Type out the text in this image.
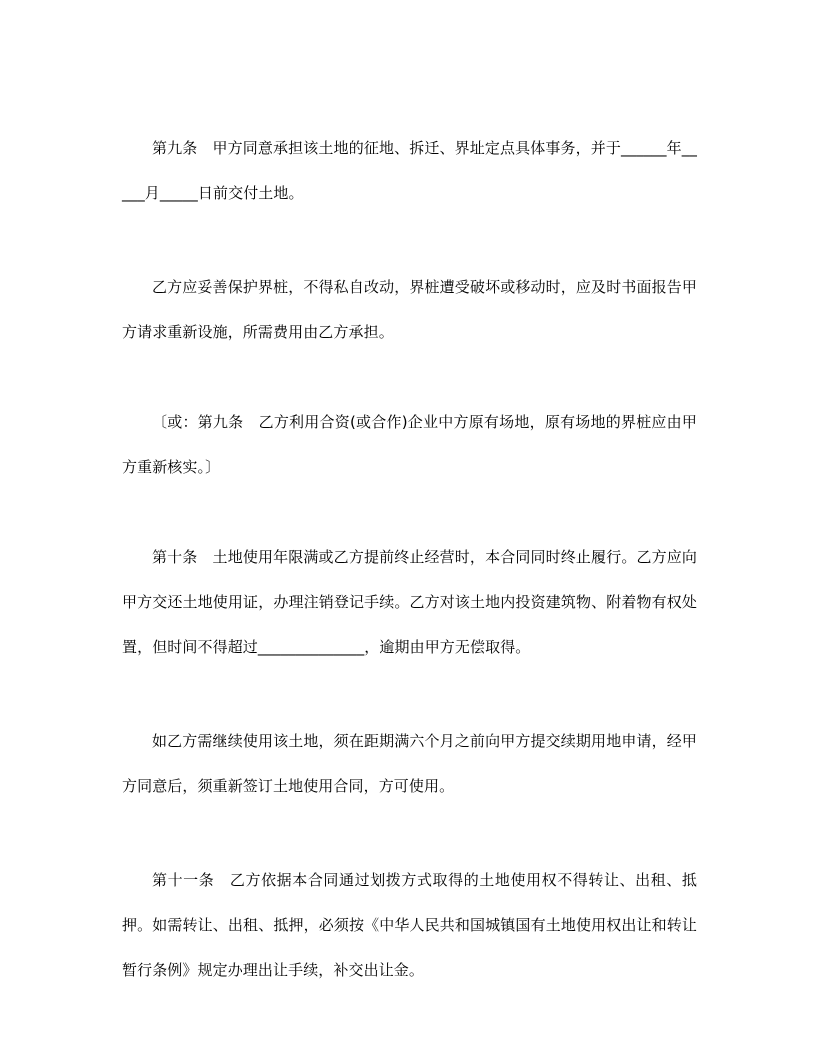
第九条　甲方同意承担该土地的征地、拆迁、界址定点具体事务，并于______年_____月_____日前交付土地。

乙方应妥善保护界桩，不得私自改动，界桩遭受破坏或移动时，应及时书面报告甲方请求重新设施，所需费用由乙方承担。

〔或：第九条　乙方利用合资(或合作)企业中方原有场地，原有场地的界桩应由甲方重新核实。〕

第十条　土地使用年限满或乙方提前终止经营时，本合同同时终止履行。乙方应向甲方交还土地使用证，办理注销登记手续。乙方对该土地内投资建筑物、附着物有权处置，但时间不得超过______________，逾期由甲方无偿取得。

如乙方需继续使用该土地，须在距期满六个月之前向甲方提交续期用地申请，经甲方同意后，须重新签订土地使用合同，方可使用。

第十一条　乙方依据本合同通过划拨方式取得的土地使用权不得转让、出租、抵押。如需转让、出租、抵押，必须按《中华人民共和国城镇国有土地使用权出让和转让暂行条例》规定办理出让手续，补交出让金。
